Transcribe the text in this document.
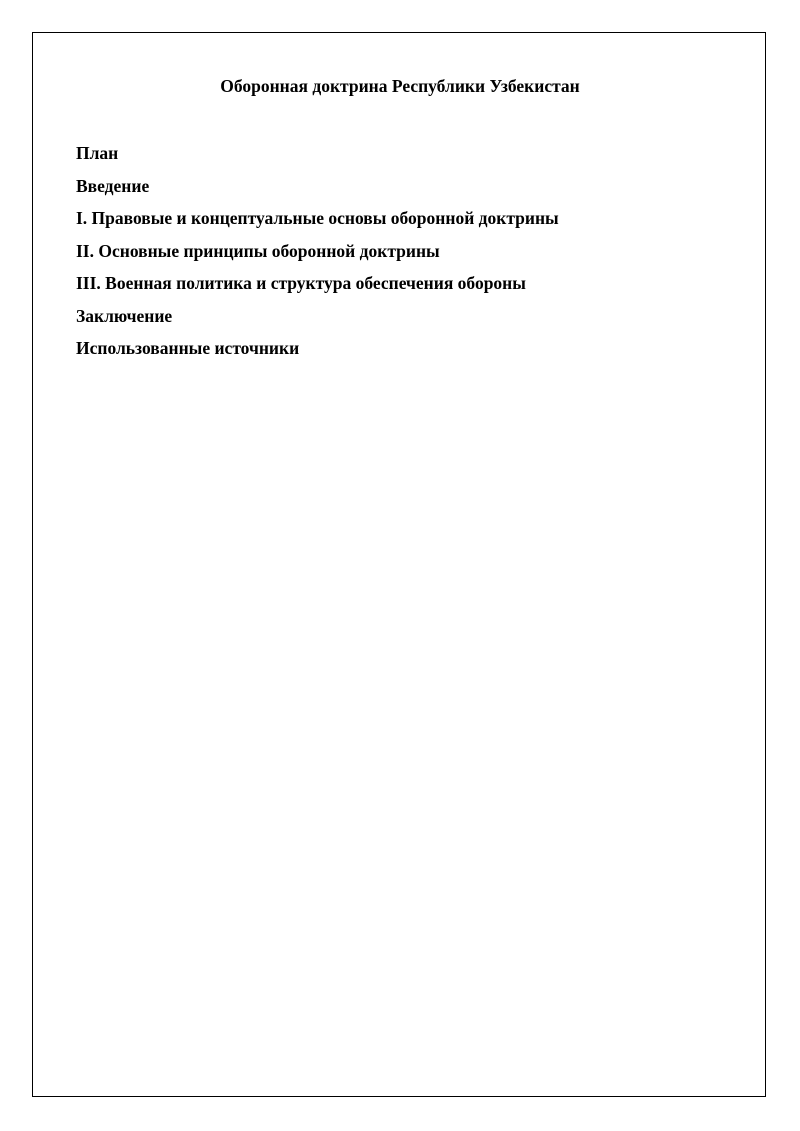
Оборонная доктрина Республики Узбекистан
План
Введение
I. Правовые и концептуальные основы оборонной доктрины
II. Основные принципы оборонной доктрины
III. Военная политика и структура обеспечения обороны
Заключение
Использованные источники
